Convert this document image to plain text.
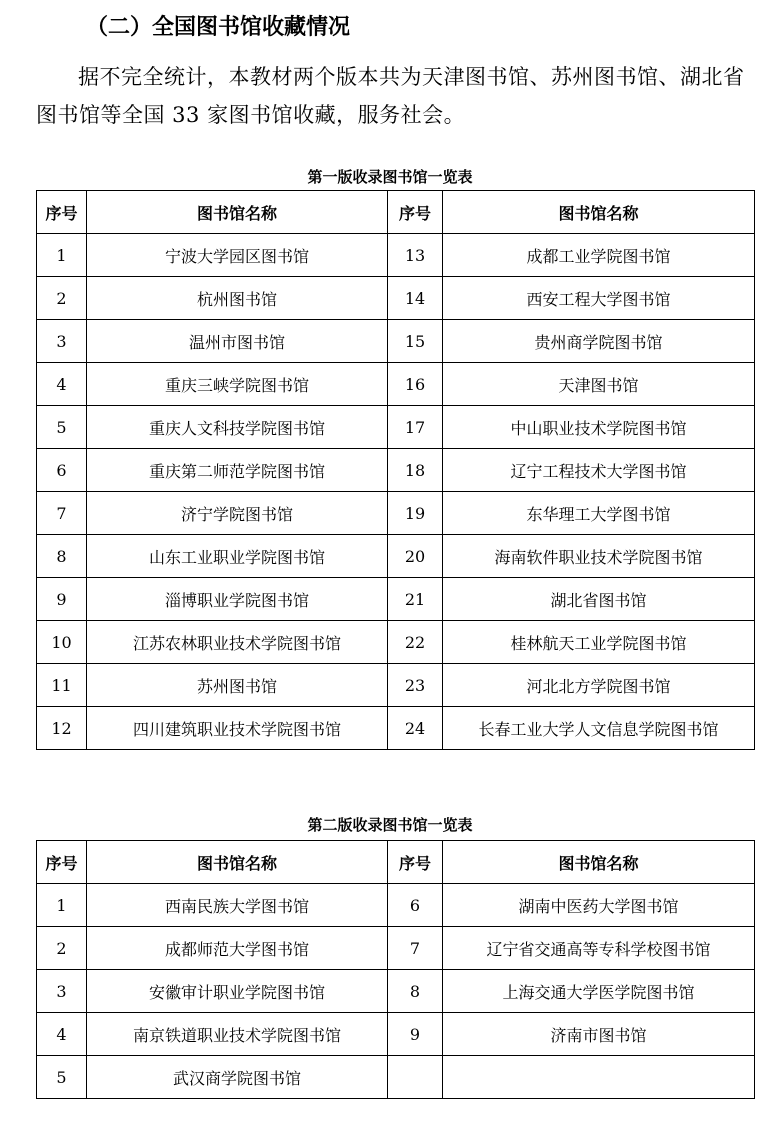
（二）全国图书馆收藏情况

据不完全统计，本教材两个版本共为天津图书馆、苏州图书馆、湖北省图书馆等全国 33 家图书馆收藏，服务社会。

第一版收录图书馆一览表
序号	图书馆名称	序号	图书馆名称
1	宁波大学园区图书馆	13	成都工业学院图书馆
2	杭州图书馆	14	西安工程大学图书馆
3	温州市图书馆	15	贵州商学院图书馆
4	重庆三峡学院图书馆	16	天津图书馆
5	重庆人文科技学院图书馆	17	中山职业技术学院图书馆
6	重庆第二师范学院图书馆	18	辽宁工程技术大学图书馆
7	济宁学院图书馆	19	东华理工大学图书馆
8	山东工业职业学院图书馆	20	海南软件职业技术学院图书馆
9	淄博职业学院图书馆	21	湖北省图书馆
10	江苏农林职业技术学院图书馆	22	桂林航天工业学院图书馆
11	苏州图书馆	23	河北北方学院图书馆
12	四川建筑职业技术学院图书馆	24	长春工业大学人文信息学院图书馆
第二版收录图书馆一览表
序号	图书馆名称	序号	图书馆名称
1	西南民族大学图书馆	6	湖南中医药大学图书馆
2	成都师范大学图书馆	7	辽宁省交通高等专科学校图书馆
3	安徽审计职业学院图书馆	8	上海交通大学医学院图书馆
4	南京铁道职业技术学院图书馆	9	济南市图书馆
5	武汉商学院图书馆		
